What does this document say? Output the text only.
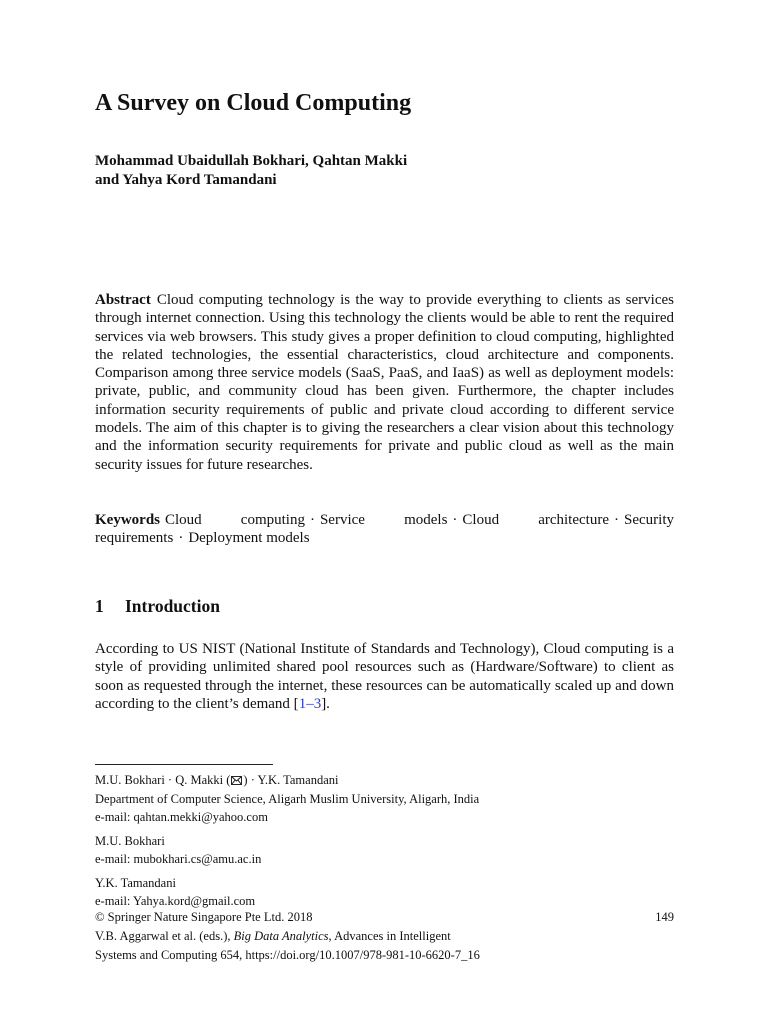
A Survey on Cloud Computing
Mohammad Ubaidullah Bokhari, Qahtan Makki
and Yahya Kord Tamandani

Abstract Cloud computing technology is the way to provide everything to clients as services through internet connection. Using this technology the clients would be able to rent the required services via web browsers. This study gives a proper definition to cloud computing, highlighted the related technologies, the essential characteristics, cloud architecture and components. Comparison among three service models (SaaS, PaaS, and IaaS) as well as deployment models: private, public, and community cloud has been given. Furthermore, the chapter includes information security requirements of public and private cloud according to different service models. The aim of this chapter is to giving the researchers a clear vision about this technology and the information security requirements for private and public cloud as well as the main security issues for future researches.

Keywords Cloud computing · Service models · Cloud architecture · Security requirements · Deployment models

1 Introduction

According to US NIST (National Institute of Standards and Technology), Cloud computing is a style of providing unlimited shared pool resources such as (Hardware/Software) to client as soon as requested through the internet, these resources can be automatically scaled up and down according to the client’s demand [1–3].

M.U. Bokhari · Q. Makki ( ) · Y.K. Tamandani
Department of Computer Science, Aligarh Muslim University, Aligarh, India
e-mail: qahtan.mekki@yahoo.com
M.U. Bokhari
e-mail: mubokhari.cs@amu.ac.in
Y.K. Tamandani
e-mail: Yahya.kord@gmail.com
© Springer Nature Singapore Pte Ltd. 2018
V.B. Aggarwal et al. (eds.), Big Data Analytics, Advances in Intelligent
Systems and Computing 654, https://doi.org/10.1007/978-981-10-6620-7_16
149
